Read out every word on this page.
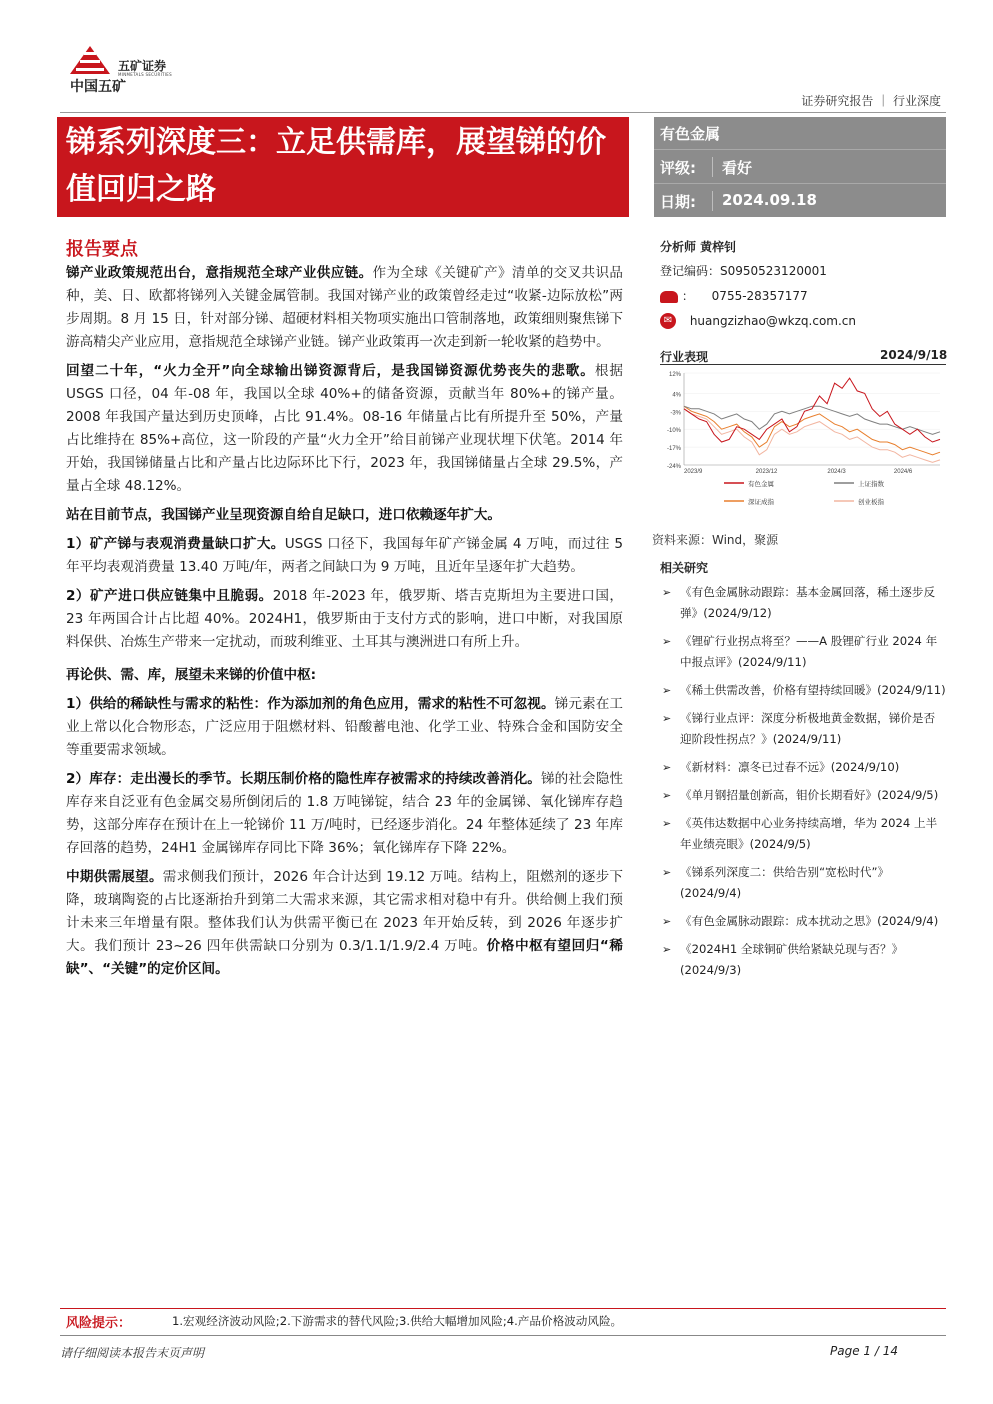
五矿证券
MINMETALS SECURITIES
中国五矿
证券研究报告 ｜ 行业深度
锑系列深度三：立足供需库，展望锑的价值回归之路
有色金属
评级: 看好
日期: 2024.09.18
报告要点

锑产业政策规范出台，意指规范全球产业供应链。作为全球《关键矿产》清单的交叉共识品种，美、日、欧都将锑列入关键金属管制。我国对锑产业的政策曾经走过“收紧-边际放松”两步周期。8 月 15 日，针对部分锑、超硬材料相关物项实施出口管制落地，政策细则聚焦锑下游高精尖产业应用，意指规范全球锑产业链。锑产业政策再一次走到新一轮收紧的趋势中。

回望二十年，“火力全开”向全球输出锑资源背后，是我国锑资源优势丧失的悲歌。根据 USGS 口径，04 年-08 年，我国以全球 40%+的储备资源，贡献当年 80%+的锑产量。2008 年我国产量达到历史顶峰，占比 91.4%。08-16 年储量占比有所提升至 50%，产量占比维持在 85%+高位，这一阶段的产量“火力全开”给目前锑产业现状埋下伏笔。2014 年开始，我国锑储量占比和产量占比边际环比下行，2023 年，我国锑储量占全球 29.5%，产量占全球 48.12%。

站在目前节点，我国锑产业呈现资源自给自足缺口，进口依赖逐年扩大。

1）矿产锑与表观消费量缺口扩大。USGS 口径下，我国每年矿产锑金属 4 万吨，而过往 5 年平均表观消费量 13.40 万吨/年，两者之间缺口为 9 万吨，且近年呈逐年扩大趋势。

2）矿产进口供应链集中且脆弱。2018 年-2023 年，俄罗斯、塔吉克斯坦为主要进口国，23 年两国合计占比超 40%。2024H1，俄罗斯由于支付方式的影响，进口中断，对我国原料保供、冶炼生产带来一定扰动，而玻利维亚、土耳其与澳洲进口有所上升。

再论供、需、库，展望未来锑的价值中枢:

1）供给的稀缺性与需求的粘性：作为添加剂的角色应用，需求的粘性不可忽视。锑元素在工业上常以化合物形态，广泛应用于阻燃材料、铅酸蓄电池、化学工业、特殊合金和国防安全等重要需求领域。

2）库存：走出漫长的季节。长期压制价格的隐性库存被需求的持续改善消化。锑的社会隐性库存来自泛亚有色金属交易所倒闭后的 1.8 万吨锑锭，结合 23 年的金属锑、氧化锑库存趋势，这部分库存在预计在上一轮锑价 11 万/吨时，已经逐步消化。24 年整体延续了 23 年库存回落的趋势，24H1 金属锑库存同比下降 36%；氧化锑库存下降 22%。

中期供需展望。需求侧我们预计，2026 年合计达到 19.12 万吨。结构上，阻燃剂的逐步下降，玻璃陶瓷的占比逐渐抬升到第二大需求来源，其它需求相对稳中有升。供给侧上我们预计未来三年增量有限。整体我们认为供需平衡已在 2023 年开始反转，到 2026 年逐步扩大。我们预计 23~26 四年供需缺口分别为 0.3/1.1/1.9/2.4 万吨。价格中枢有望回归“稀缺”、“关键”的定价区间。

分析师 黄梓钊
登记编码：S0950523120001
： 0755-28357177
✉ huangzizhao@wkzq.com.cn
行业表现	2024/9/18
12%
4%
-3%
-10%
-17%
-24%
2023/9	2023/12	2024/3	2024/6
有色金属	上证指数
深证成指	创业板指
资料来源：Wind，聚源
相关研究
➢ 《有色金属脉动跟踪：基本金属回落，稀土逐步反弹》(2024/9/12)
➢ 《锂矿行业拐点将至？——A 股锂矿行业 2024 年中报点评》(2024/9/11)
➢ 《稀土供需改善，价格有望持续回暖》(2024/9/11)
➢ 《锑行业点评：深度分析极地黄金数据，锑价是否迎阶段性拐点？》(2024/9/11)
➢ 《新材料：凛冬已过春不远》(2024/9/10)
➢ 《单月钢招量创新高，钼价长期看好》(2024/9/5)
➢ 《英伟达数据中心业务持续高增，华为 2024 上半年业绩亮眼》(2024/9/5)
➢ 《锑系列深度二：供给告别“宽松时代”》(2024/9/4)
➢ 《有色金属脉动跟踪：成本扰动之思》(2024/9/4)
➢ 《2024H1 全球铜矿供给紧缺兑现与否？》(2024/9/3)
风险提示：	1.宏观经济波动风险;2.下游需求的替代风险;3.供给大幅增加风险;4.产品价格波动风险。
请仔细阅读本报告末页声明	Page 1 / 14
